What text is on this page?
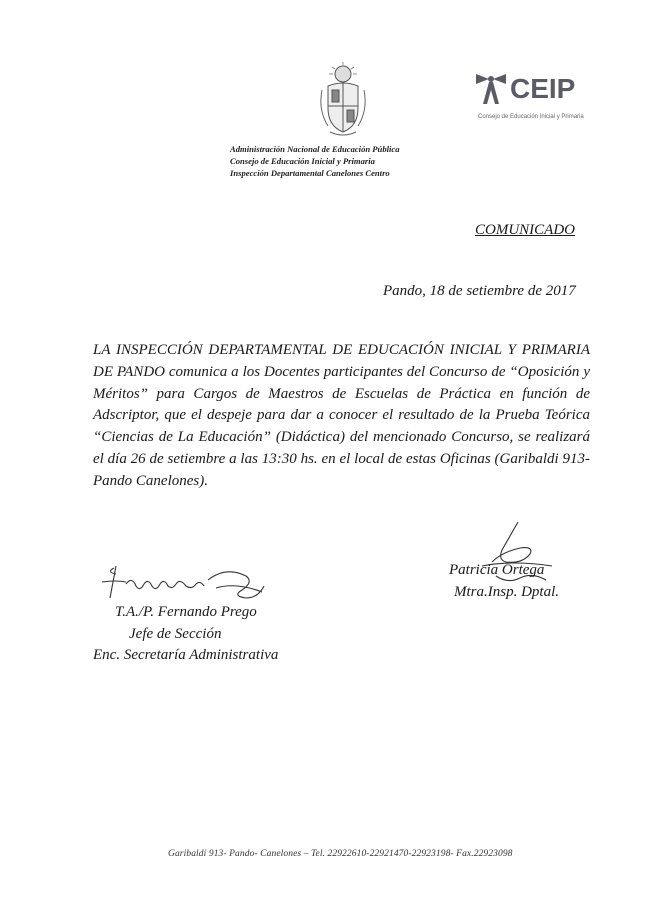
Administración Nacional de Educación Pública
Consejo de Educación Inicial y Primaria
Inspección Departamental Canelones Centro
CEIP
Consejo de Educación Inicial y Primaria
COMUNICADO
Pando, 18 de setiembre de 2017
LA INSPECCIÓN DEPARTAMENTAL DE EDUCACIÓN INICIAL Y PRIMARIA DE PANDO comunica a los Docentes participantes del Concurso de “Oposición y Méritos” para Cargos de Maestros de Escuelas de Práctica en función de Adscriptor, que el despeje para dar a conocer el resultado de la Prueba Teórica “Ciencias de La Educación” (Didáctica) del mencionado Concurso, se realizará el día 26 de setiembre a las 13:30 hs. en el local de estas Oficinas (Garibaldi 913- Pando Canelones).
T.A./P. Fernando Prego
Jefe de Sección
Enc. Secretaría Administrativa
Patricia Ortega
Mtra.Insp. Dptal.
Garibaldi 913- Pando- Canelones – Tel. 22922610-22921470-22923198- Fax.22923098
